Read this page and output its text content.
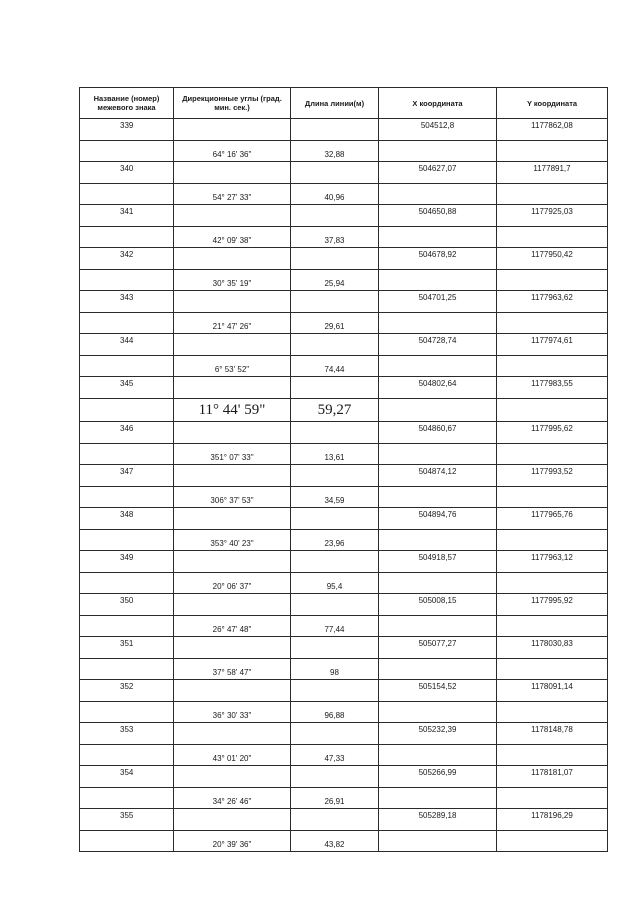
Название (номер) межевого знака	Дирекционные углы (град. мин. сек.)	Длина линии(м)	X координата	Y координата

339			504512,8	1177862,08
	64° 16' 36"	32,88		
340			504627,07	1177891,7
	54° 27' 33"	40,96		
341			504650,88	1177925,03
	42° 09' 38"	37,83		
342			504678,92	1177950,42
	30° 35' 19"	25,94		
343			504701,25	1177963,62
	21° 47' 26"	29,61		
344			504728,74	1177974,61
	6° 53' 52"	74,44		
345			504802,64	1177983,55
	11° 44' 59"	59,27		
346			504860,67	1177995,62
	351° 07' 33"	13,61		
347			504874,12	1177993,52
	306° 37' 53"	34,59		
348			504894,76	1177965,76
	353° 40' 23"	23,96		
349			504918,57	1177963,12
	20° 06' 37"	95,4		
350			505008,15	1177995,92
	26° 47' 48"	77,44		
351			505077,27	1178030,83
	37° 58' 47"	98		
352			505154,52	1178091,14
	36° 30' 33"	96,88		
353			505232,39	1178148,78
	43° 01' 20"	47,33		
354			505266,99	1178181,07
	34° 26' 46"	26,91		
355			505289,18	1178196,29
	20° 39' 36"	43,82		
